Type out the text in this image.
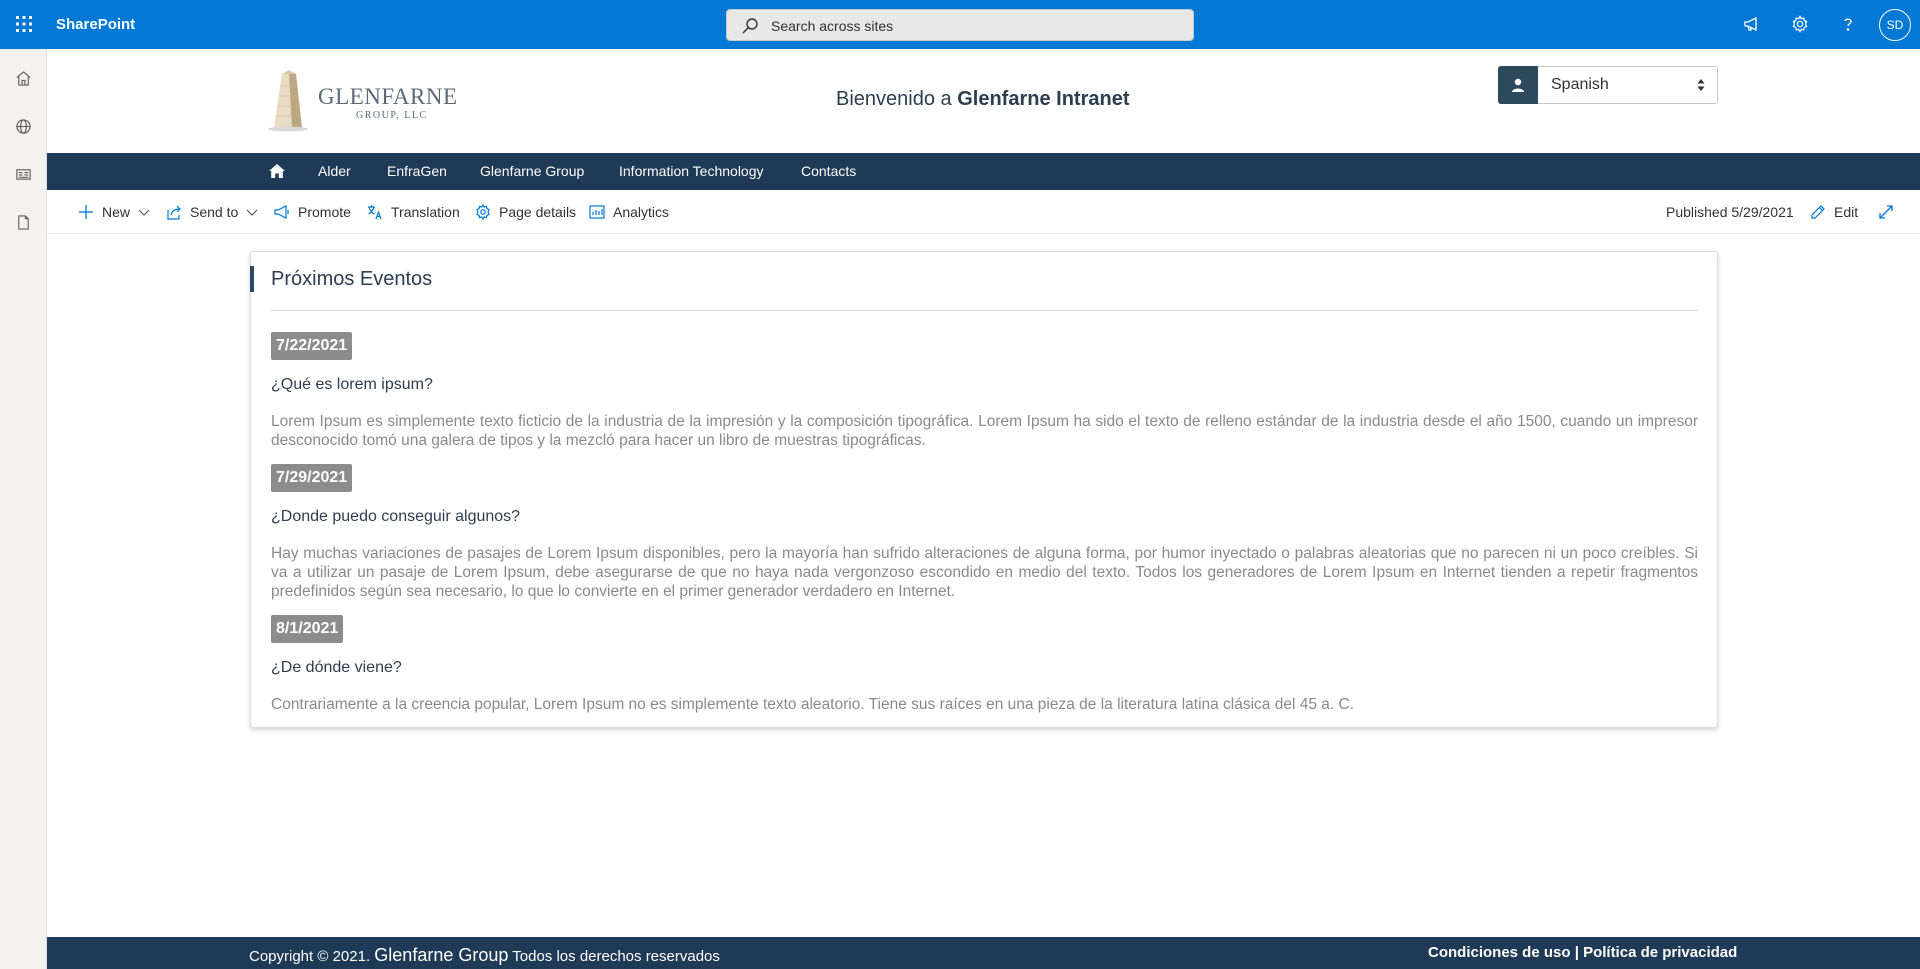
SharePoint	Search across sites	SD
GLENFARNE
GROUP, LLC
Bienvenido a Glenfarne Intranet
Spanish
Alder	EnfraGen Glenfarne Group Information Technology	Contacts
New	Send to	Promote	Translation	Page details	Analytics	Published 5/29/2021	Edit
Próximos Eventos
7/22/2021
¿Qué es lorem ipsum?
Lorem Ipsum es simplemente texto ficticio de la industria de la impresión y la composición tipográfica. Lorem Ipsum ha sido el texto de relleno estándar de la industria desde el año 1500, cuando un impresor desconocido tomó una galera de tipos y la mezcló para hacer un libro de muestras tipográficas.
7/29/2021
¿Donde puedo conseguir algunos?
Hay muchas variaciones de pasajes de Lorem Ipsum disponibles, pero la mayoría han sufrido alteraciones de alguna forma, por humor inyectado o palabras aleatorias que no parecen ni un poco creíbles. Si va a utilizar un pasaje de Lorem Ipsum, debe asegurarse de que no haya nada vergonzoso escondido en medio del texto. Todos los generadores de Lorem Ipsum en Internet tienden a repetir fragmentos predefinidos según sea necesario, lo que lo convierte en el primer generador verdadero en Internet.
8/1/2021
¿De dónde viene?
Contrariamente a la creencia popular, Lorem Ipsum no es simplemente texto aleatorio. Tiene sus raíces en una pieza de la literatura latina clásica del 45 a. C.
Copyright © 2021. Glenfarne Group Todos los derechos reservados	Condiciones de uso | Política de privacidad
